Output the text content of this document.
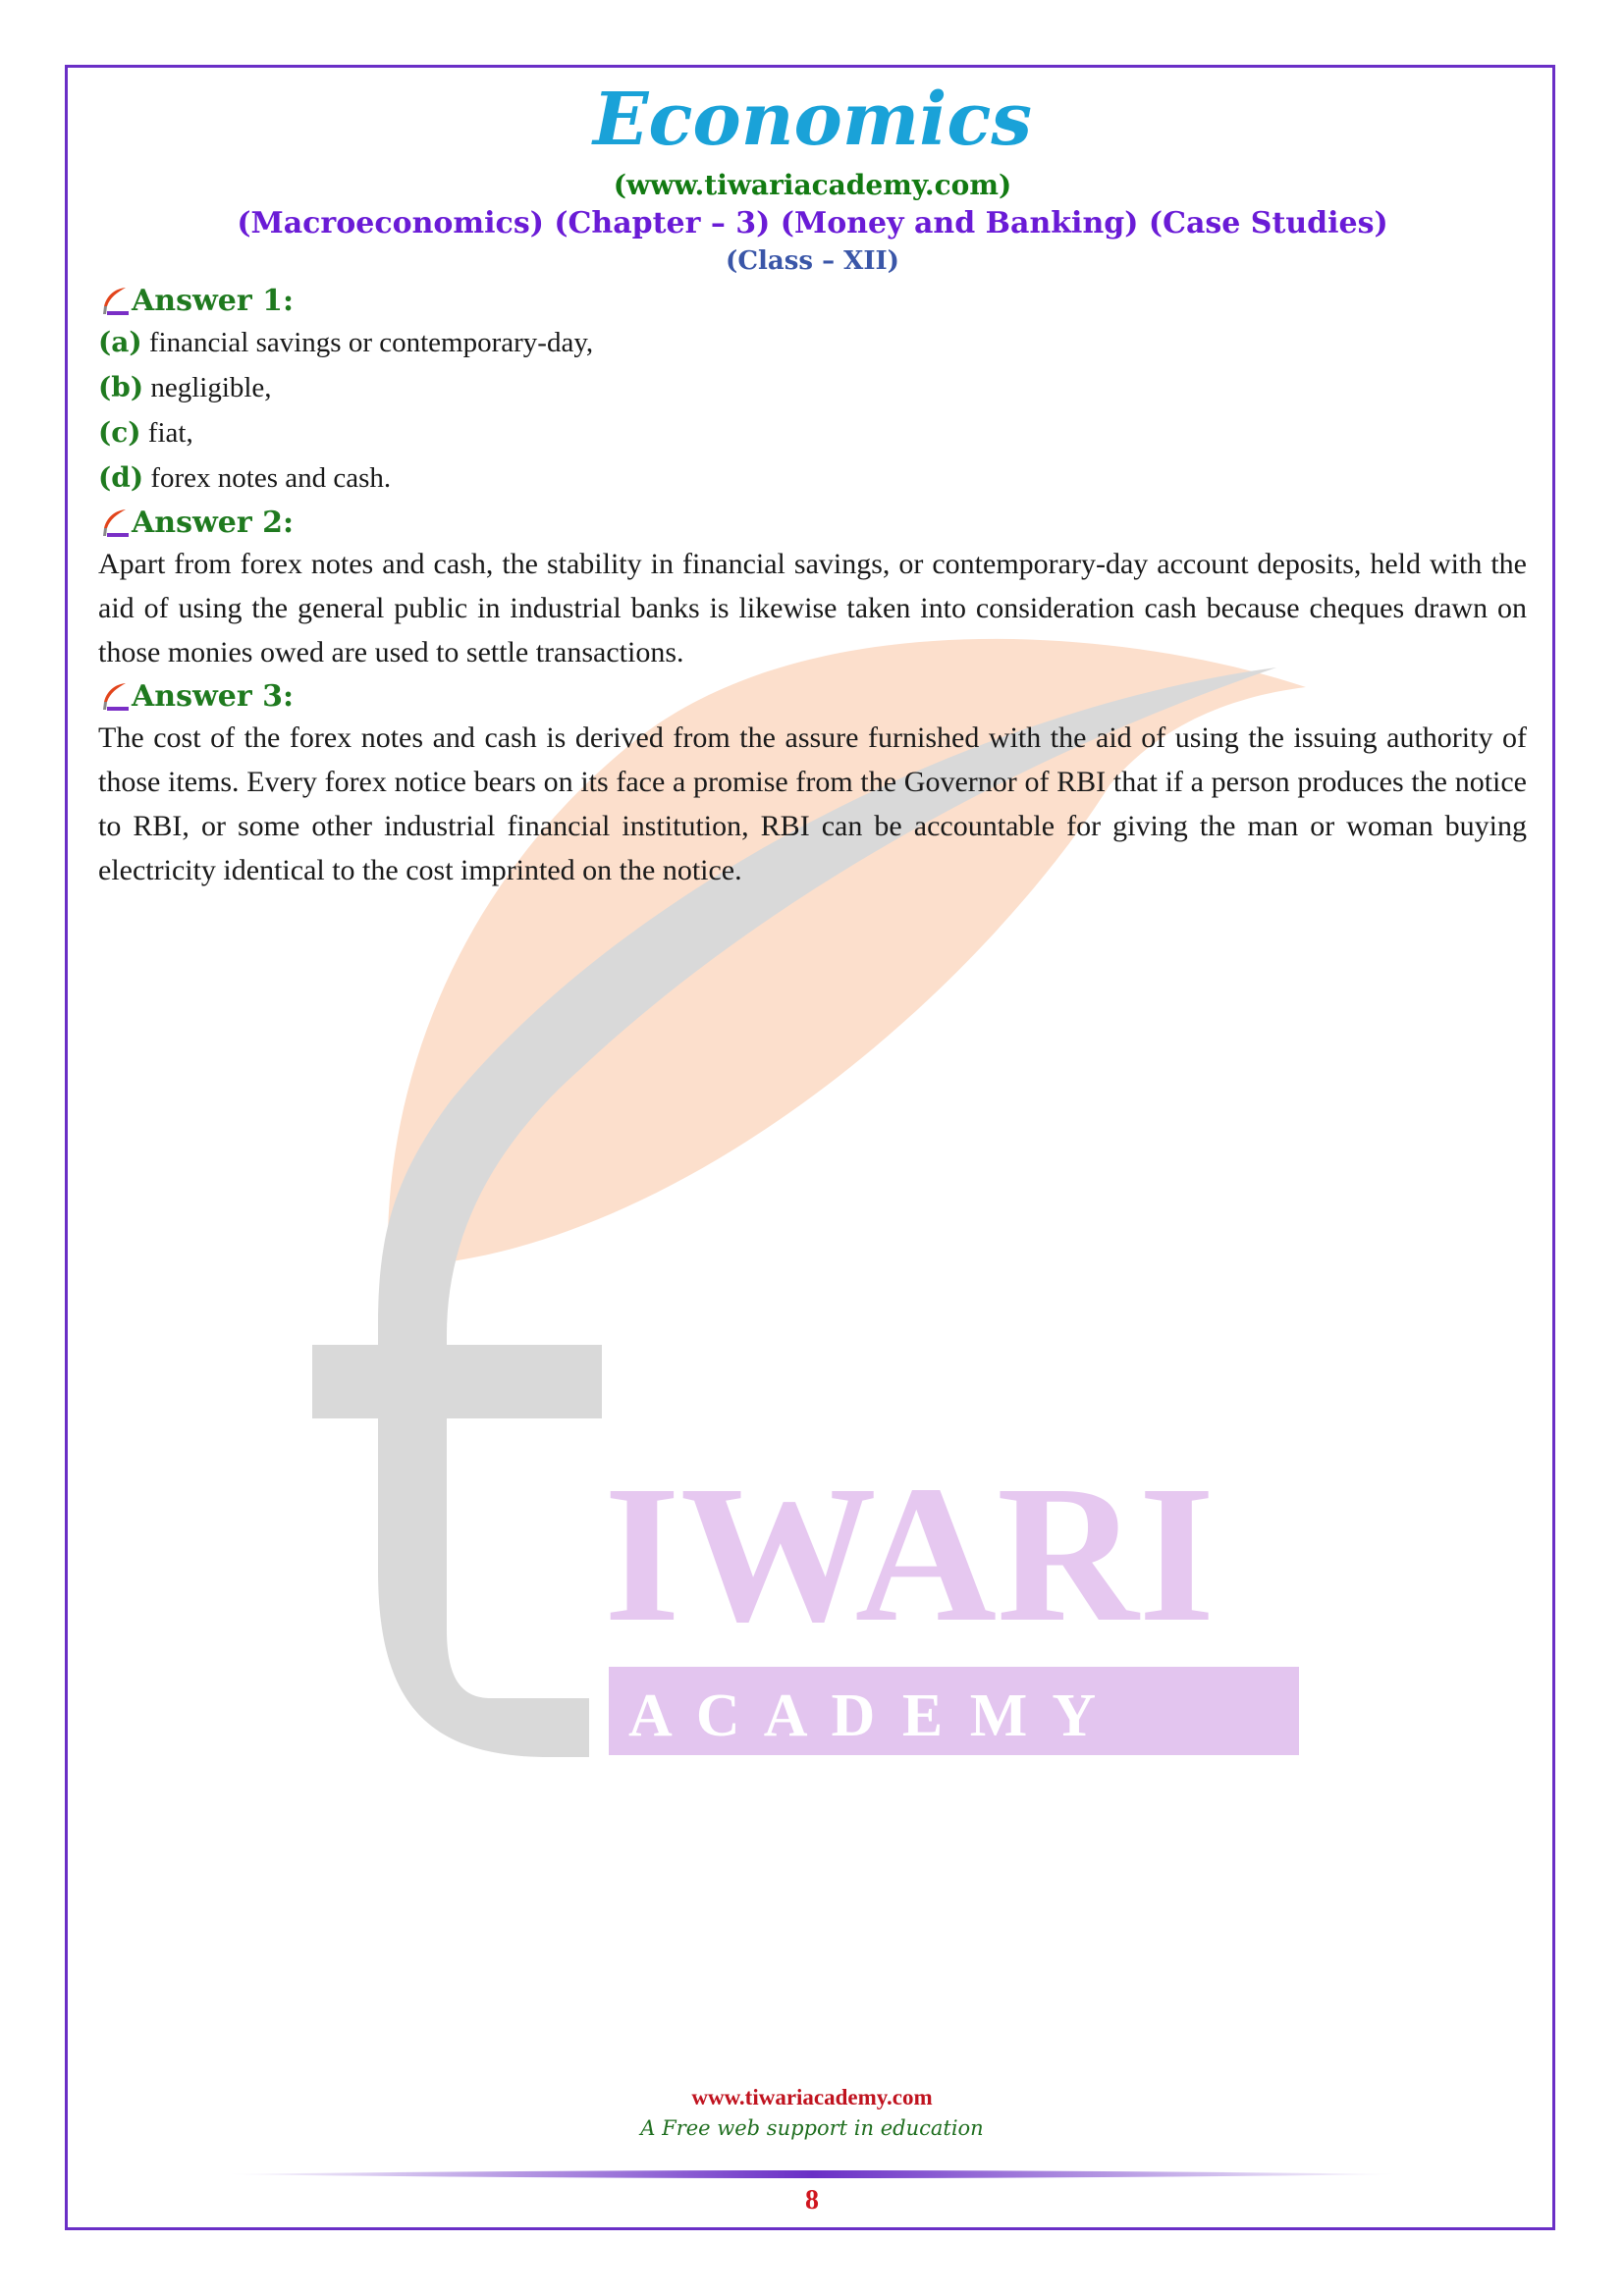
IWARI
A C A D E M Y
Economics
(www.tiwariacademy.com)
(Macroeconomics) (Chapter – 3) (Money and Banking) (Case Studies)
(Class – XII)
Answer 1:
(a) financial savings or contemporary-day,
(b) negligible,
(c) fiat,
(d) forex notes and cash.
Answer 2:

Apart from forex notes and cash, the stability in financial savings, or contemporary-day account deposits, held with the aid of using the general public in industrial banks is likewise taken into consideration cash because cheques drawn on those monies owed are used to settle transactions.

Answer 3:

The cost of the forex notes and cash is derived from the assure furnished with the aid of using the issuing authority of those items. Every forex notice bears on its face a promise from the Governor of RBI that if a person produces the notice to RBI, or some other industrial financial institution, RBI can be accountable for giving the man or woman buying electricity identical to the cost imprinted on the notice.

www.tiwariacademy.com
A Free web support in education
8
